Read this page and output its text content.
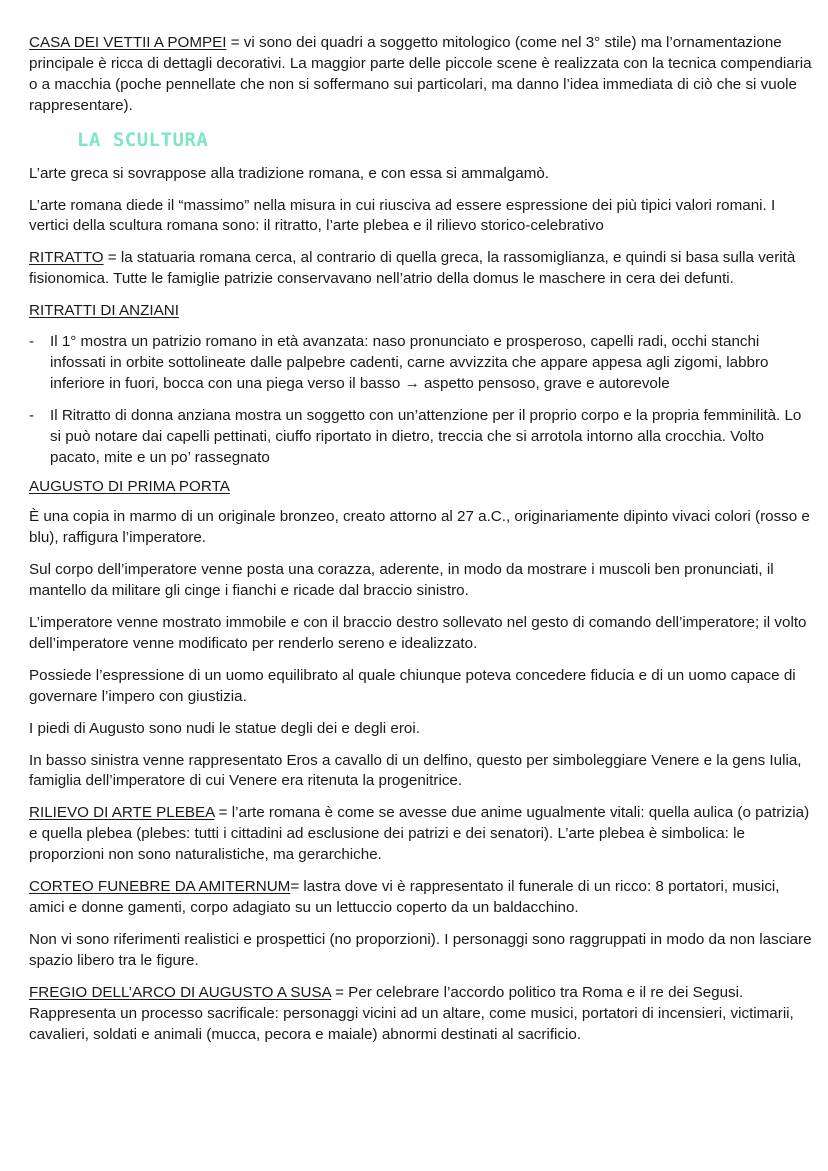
CASA DEI VETTII A POMPEI = vi sono dei quadri a soggetto mitologico (come nel 3° stile) ma l’ornamentazione principale è ricca di dettagli decorativi. La maggior parte delle piccole scene è realizzata con la tecnica compendiaria o a macchia (poche pennellate che non si soffermano sui particolari, ma danno l’idea immediata di ciò che si vuole rappresentare).

LA SCULTURA

L’arte greca si sovrappose alla tradizione romana, e con essa si ammalgamò.

L’arte romana diede il “massimo” nella misura in cui riusciva ad essere espressione dei più tipici valori romani. I vertici della scultura romana sono: il ritratto, l’arte plebea e il rilievo storico-celebrativo

RITRATTO = la statuaria romana cerca, al contrario di quella greca, la rassomiglianza, e quindi si basa sulla verità fisionomica. Tutte le famiglie patrizie conservavano nell’atrio della domus le maschere in cera dei defunti.

RITRATTI DI ANZIANI

- Il 1° mostra un patrizio romano in età avanzata: naso pronunciato e prosperoso, capelli radi, occhi stanchi infossati in orbite sottolineate dalle palpebre cadenti, carne avvizzita che appare appesa agli zigomi, labbro inferiore in fuori, bocca con una piega verso il basso → aspetto pensoso, grave e autorevole
- Il Ritratto di donna anziana mostra un soggetto con un’attenzione per il proprio corpo e la propria femminilità. Lo si può notare dai capelli pettinati, ciuffo riportato in dietro, treccia che si arrotola intorno alla crocchia. Volto pacato, mite e un po’ rassegnato

AUGUSTO DI PRIMA PORTA

È una copia in marmo di un originale bronzeo, creato attorno al 27 a.C., originariamente dipinto vivaci colori (rosso e blu), raffigura l’imperatore.

Sul corpo dell’imperatore venne posta una corazza, aderente, in modo da mostrare i muscoli ben pronunciati, il mantello da militare gli cinge i fianchi e ricade dal braccio sinistro.

L’imperatore venne mostrato immobile e con il braccio destro sollevato nel gesto di comando dell’imperatore; il volto dell’imperatore venne modificato per renderlo sereno e idealizzato.

Possiede l’espressione di un uomo equilibrato al quale chiunque poteva concedere fiducia e di un uomo capace di governare l’impero con giustizia.

I piedi di Augusto sono nudi le statue degli dei e degli eroi.

In basso sinistra venne rappresentato Eros a cavallo di un delfino, questo per simboleggiare Venere e la gens Iulia, famiglia dell’imperatore di cui Venere era ritenuta la progenitrice.

RILIEVO DI ARTE PLEBEA = l’arte romana è come se avesse due anime ugualmente vitali: quella aulica (o patrizia) e quella plebea (plebes: tutti i cittadini ad esclusione dei patrizi e dei senatori). L’arte plebea è simbolica: le proporzioni non sono naturalistiche, ma gerarchiche.

CORTEO FUNEBRE DA AMITERNUM= lastra dove vi è rappresentato il funerale di un ricco: 8 portatori, musici, amici e donne gamenti, corpo adagiato su un lettuccio coperto da un baldacchino.

Non vi sono riferimenti realistici e prospettici (no proporzioni). I personaggi sono raggruppati in modo da non lasciare spazio libero tra le figure.

FREGIO DELL’ARCO DI AUGUSTO A SUSA = Per celebrare l’accordo politico tra Roma e il re dei Segusi. Rappresenta un processo sacrificale: personaggi vicini ad un altare, come musici, portatori di incensieri, victimarii, cavalieri, soldati e animali (mucca, pecora e maiale) abnormi destinati al sacrificio.
